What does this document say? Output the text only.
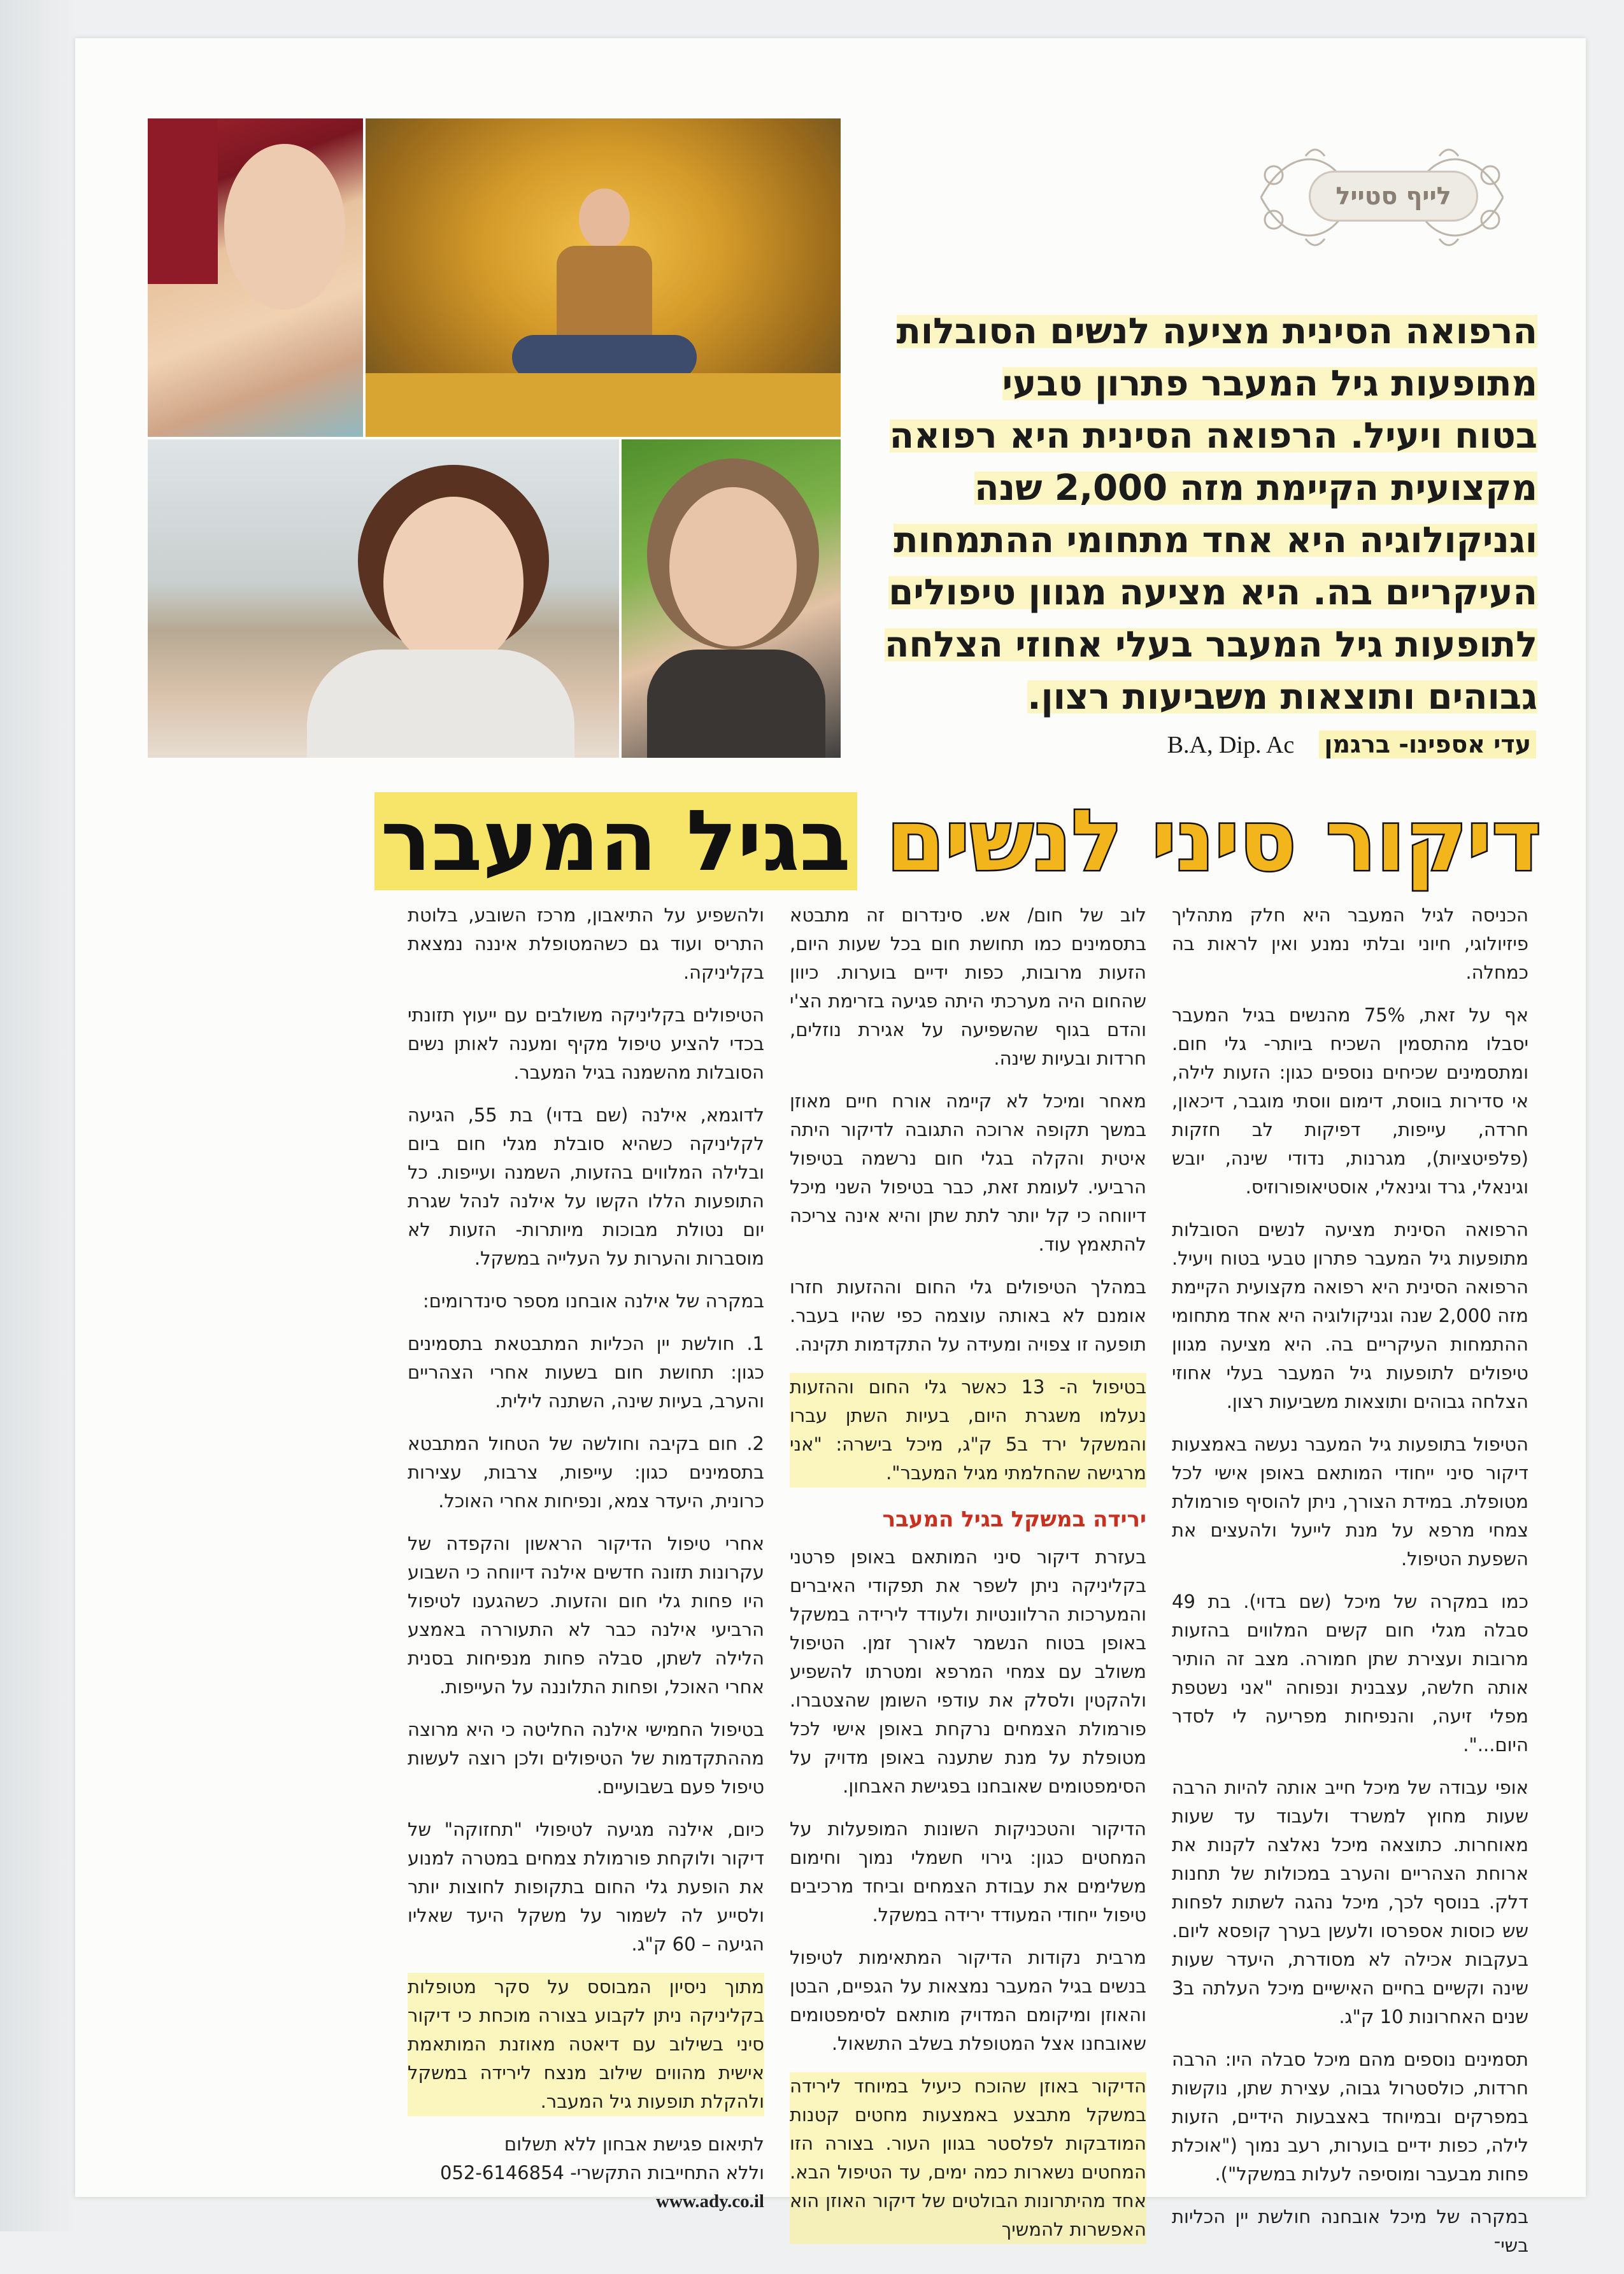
לייף סטייל
הרפואה הסינית מציעה לנשים הסובלות
מתופעות גיל המעבר פתרון טבעי
בטוח ויעיל. הרפואה הסינית היא רפואה
מקצועית הקיימת מזה 2,000 שנה
וגניקולוגיה היא אחד מתחומי ההתמחות
העיקריים בה. היא מציעה מגוון טיפולים
לתופעות גיל המעבר בעלי אחוזי הצלחה
גבוהים ותוצאות משביעות רצון.
עדי אספינו- ברגמן B.A, Dip. Ac
דיקור סיני לנשים בגיל המעבר

הכניסה לגיל המעבר היא חלק מתהליך פיזיולוגי, חיוני ובלתי נמנע ואין לראות בה כמחלה.

אף על זאת, 75% מהנשים בגיל המעבר יסבלו מהתסמין השכיח ביותר- גלי חום. ומתסמינים שכיחים נוספים כגון: הזעות לילה, אי סדירות בווסת, דימום ווסתי מוגבר, דיכאון, חרדה, עייפות, דפיקות לב חזקות (פלפיטציות), מגרנות, נדודי שינה, יובש וגינאלי, גרד וגינאלי, אוסטיאופורוזיס.

הרפואה הסינית מציעה לנשים הסובלות מתופעות גיל המעבר פתרון טבעי בטוח ויעיל. הרפואה הסינית היא רפואה מקצועית הקיימת מזה 2,000 שנה וגניקולוגיה היא אחד מתחומי ההתמחות העיקריים בה. היא מציעה מגוון טיפולים לתופעות גיל המעבר בעלי אחוזי הצלחה גבוהים ותוצאות משביעות רצון.

הטיפול בתופעות גיל המעבר נעשה באמצעות דיקור סיני ייחודי המותאם באופן אישי לכל מטופלת. במידת הצורך, ניתן להוסיף פורמולת צמחי מרפא על מנת לייעל ולהעצים את השפעת הטיפול.

כמו במקרה של מיכל (שם בדוי). בת 49 סבלה מגלי חום קשים המלווים בהזעות מרובות ועצירת שתן חמורה. מצב זה הותיר אותה חלשה, עצבנית ונפוחה "אני נשטפת מפלי זיעה, והנפיחות מפריעה לי לסדר היום...".

אופי עבודה של מיכל חייב אותה להיות הרבה שעות מחוץ למשרד ולעבוד עד שעות מאוחרות. כתוצאה מיכל נאלצה לקנות את ארוחת הצהריים והערב במכולות של תחנות דלק. בנוסף לכך, מיכל נהגה לשתות לפחות שש כוסות אספרסו ולעשן בערך קופסא ליום. בעקבות אכילה לא מסודרת, היעדר שעות שינה וקשיים בחיים האישיים מיכל העלתה ב3 שנים האחרונות 10 ק"ג.

תסמינים נוספים מהם מיכל סבלה היו: הרבה חרדות, כולסטרול גבוה, עצירת שתן, נוקשות במפרקים ובמיוחד באצבעות הידיים, הזעות לילה, כפות ידיים בוערות, רעב נמוך ("אוכלת פחות מבעבר ומוסיפה לעלות במשקל").

במקרה של מיכל אובחנה חולשת יין הכליות בשי־

לוב של חום/ אש. סינדרום זה מתבטא בתסמינים כמו תחושת חום בכל שעות היום, הזעות מרובות, כפות ידיים בוערות. כיוון שהחום היה מערכתי היתה פגיעה בזרימת הצ'י והדם בגוף שהשפיעה על אגירת נוזלים, חרדות ובעיות שינה.

מאחר ומיכל לא קיימה אורח חיים מאוזן במשך תקופה ארוכה התגובה לדיקור היתה איטית והקלה בגלי חום נרשמה בטיפול הרביעי. לעומת זאת, כבר בטיפול השני מיכל דיווחה כי קל יותר לתת שתן והיא אינה צריכה להתאמץ עוד.

במהלך הטיפולים גלי החום וההזעות חזרו אומנם לא באותה עוצמה כפי שהיו בעבר. תופעה זו צפויה ומעידה על התקדמות תקינה.

בטיפול ה- 13 כאשר גלי החום וההזעות נעלמו משגרת היום, בעיות השתן עברו והמשקל ירד ב5 ק"ג, מיכל בישרה: "אני מרגישה שהחלמתי מגיל המעבר".

ירידה במשקל בגיל המעבר

בעזרת דיקור סיני המותאם באופן פרטני בקליניקה ניתן לשפר את תפקודי האיברים והמערכות הרלוונטיות ולעודד לירידה במשקל באופן בטוח הנשמר לאורך זמן. הטיפול משולב עם צמחי המרפא ומטרתו להשפיע ולהקטין ולסלק את עודפי השומן שהצטברו. פורמולת הצמחים נרקחת באופן אישי לכל מטופלת על מנת שתענה באופן מדויק על הסימפטומים שאובחנו בפגישת האבחון.

הדיקור והטכניקות השונות המופעלות על המחטים כגון: גירוי חשמלי נמוך וחימום משלימים את עבודת הצמחים וביחד מרכיבים טיפול ייחודי המעודד ירידה במשקל.

מרבית נקודות הדיקור המתאימות לטיפול בנשים בגיל המעבר נמצאות על הגפיים, הבטן והאוזן ומיקומם המדויק מותאם לסימפטומים שאובחנו אצל המטופלת בשלב התשאול.

הדיקור באוזן שהוכח כיעיל במיוחד לירידה במשקל מתבצע באמצעות מחטים קטנות המודבקות לפלסטר בגוון העור. בצורה הזו המחטים נשארות כמה ימים, עד הטיפול הבא. אחד מהיתרונות הבולטים של דיקור האוזן הוא האפשרות להמשיך

ולהשפיע על התיאבון, מרכז השובע, בלוטת התריס ועוד גם כשהמטופלת איננה נמצאת בקליניקה.

הטיפולים בקליניקה משולבים עם ייעוץ תזונתי בכדי להציע טיפול מקיף ומענה לאותן נשים הסובלות מהשמנה בגיל המעבר.

לדוגמא, אילנה (שם בדוי) בת 55, הגיעה לקליניקה כשהיא סובלת מגלי חום ביום ובלילה המלווים בהזעות, השמנה ועייפות. כל התופעות הללו הקשו על אילנה לנהל שגרת יום נטולת מבוכות מיותרות- הזעות לא מוסברות והערות על העלייה במשקל.

במקרה של אילנה אובחנו מספר סינדרומים:

1. חולשת יין הכליות המתבטאת בתסמינים כגון: תחושת חום בשעות אחרי הצהריים והערב, בעיות שינה, השתנה לילית.

2. חום בקיבה וחולשה של הטחול המתבטא בתסמינים כגון: עייפות, צרבות, עצירות כרונית, היעדר צמא, ונפיחות אחרי האוכל.

אחרי טיפול הדיקור הראשון והקפדה של עקרונות תזונה חדשים אילנה דיווחה כי השבוע היו פחות גלי חום והזעות. כשהגענו לטיפול הרביעי אילנה כבר לא התעוררה באמצע הלילה לשתן, סבלה פחות מנפיחות בסנית אחרי האוכל, ופחות התלוננה על העייפות.

בטיפול החמישי אילנה החליטה כי היא מרוצה מההתקדמות של הטיפולים ולכן רוצה לעשות טיפול פעם בשבועיים.

כיום, אילנה מגיעה לטיפולי "תחזוקה" של דיקור ולוקחת פורמולת צמחים במטרה למנוע את הופעת גלי החום בתקופות לחוצות יותר ולסייע לה לשמור על משקל היעד שאליו הגיעה – 60 ק"ג.

מתוך ניסיון המבוסס על סקר מטופלות בקליניקה ניתן לקבוע בצורה מוכחת כי דיקור סיני בשילוב עם דיאטה מאוזנת המותאמת אישית מהווים שילוב מנצח לירידה במשקל ולהקלת תופעות גיל המעבר.

לתיאום פגישת אבחון ללא תשלום

וללא התחייבות התקשרי- 052-6146854

www.ady.co.il
